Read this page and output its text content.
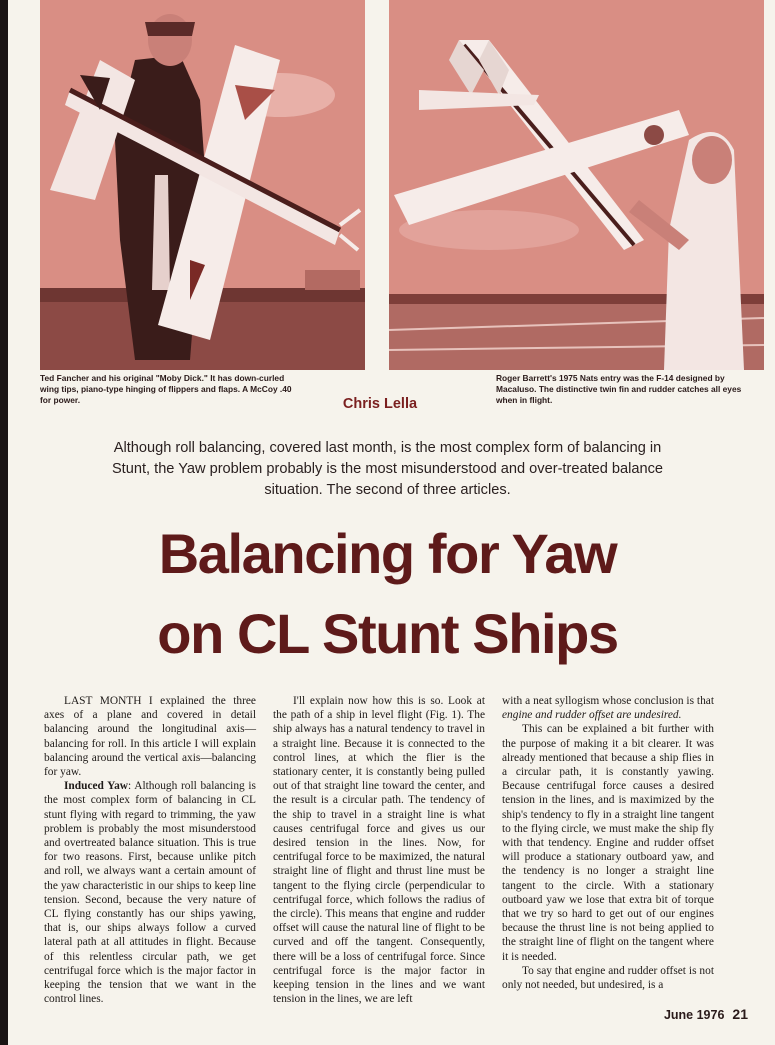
Ted Fancher and his original "Moby Dick." It has down-curled wing tips, piano-type hinging of flippers and flaps. A McCoy .40 for power.
Roger Barrett's 1975 Nats entry was the F-14 designed by Macaluso. The distinctive twin fin and rudder catches all eyes when in flight.
Chris Lella
Although roll balancing, covered last month, is the most complex form of balancing in Stunt, the Yaw problem probably is the most misunderstood and over-treated balance situation. The second of three articles.
Balancing for Yaw
on CL Stunt Ships

LAST MONTH I explained the three axes of a plane and covered in detail balancing around the longitudinal axis—balancing for roll. In this article I will explain balancing around the vertical axis—balancing for yaw.

Induced Yaw: Although roll balancing is the most complex form of balancing in CL stunt flying with regard to trimming, the yaw problem is probably the most misunderstood and overtreated balance situation. This is true for two reasons. First, because unlike pitch and roll, we always want a certain amount of the yaw characteristic in our ships to keep line tension. Second, because the very nature of CL flying constantly has our ships yawing, that is, our ships always follow a curved lateral path at all attitudes in flight. Because of this relentless circular path, we get centrifugal force which is the major factor in keeping the tension that we want in the control lines.

I'll explain now how this is so. Look at the path of a ship in level flight (Fig. 1). The ship always has a natural tendency to travel in a straight line. Because it is connected to the control lines, at which the flier is the stationary center, it is constantly being pulled out of that straight line toward the center, and the result is a circular path. The tendency of the ship to travel in a straight line is what causes centrifugal force and gives us our desired tension in the lines. Now, for centrifugal force to be maximized, the natural straight line of flight and thrust line must be tangent to the flying circle (perpendicular to centrifugal force, which follows the radius of the circle). This means that engine and rudder offset will cause the natural line of flight to be curved and off the tangent. Consequently, there will be a loss of centrifugal force. Since centrifugal force is the major factor in keeping tension in the lines and we want tension in the lines, we are left

with a neat syllogism whose conclusion is that engine and rudder offset are undesired.

This can be explained a bit further with the purpose of making it a bit clearer. It was already mentioned that because a ship flies in a circular path, it is constantly yawing. Because centrifugal force causes a desired tension in the lines, and is maximized by the ship's tendency to fly in a straight line tangent to the flying circle, we must make the ship fly with that tendency. Engine and rudder offset will produce a stationary outboard yaw, and the tendency is no longer a straight line tangent to the circle. With a stationary outboard yaw we lose that extra bit of torque that we try so hard to get out of our engines because the thrust line is not being applied to the straight line of flight on the tangent where it is needed.

To say that engine and rudder offset is not only not needed, but undesired, is a

June 1976 21
